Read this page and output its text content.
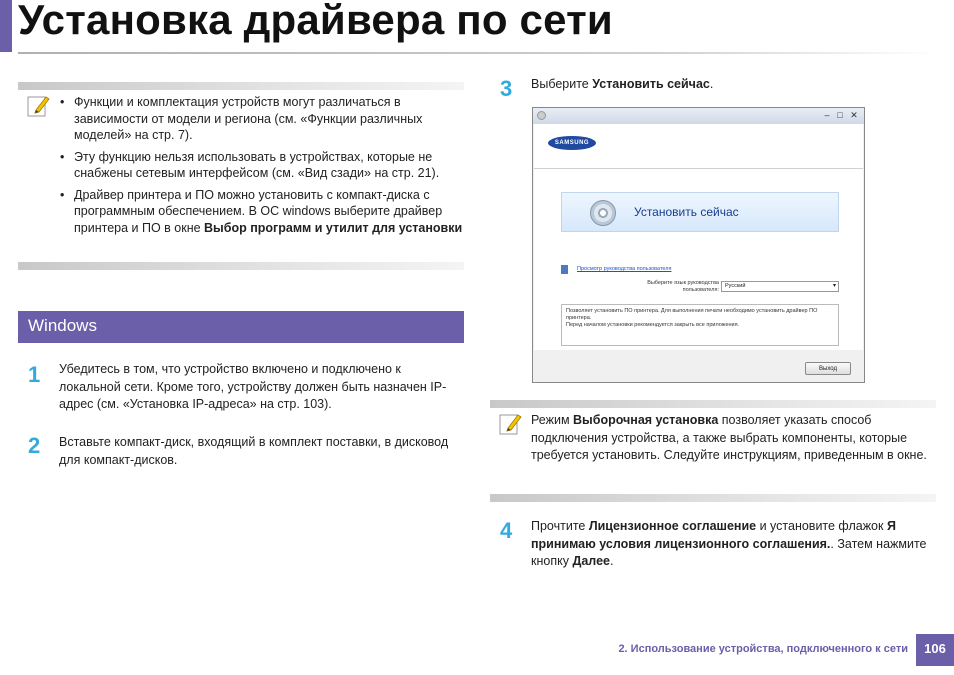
Установка драйвера по сети
• Функции и комплектация устройств могут различаться в зависимости от модели и региона (см. «Функции различных моделей» на стр. 7).
• Эту функцию нельзя использовать в устройствах, которые не снабжены сетевым интерфейсом (см. «Вид сзади» на стр. 21).
• Драйвер принтера и ПО можно установить с компакт-диска с программным обеспечением. В ОС windows выберите драйвер принтера и ПО в окне Выбор программ и утилит для установки
Windows
1 Убедитесь в том, что устройство включено и подключено к локальной сети. Кроме того, устройству должен быть назначен IP-адрес (см. «Установка IP-адреса» на стр. 103).
2 Вставьте компакт-диск, входящий в комплект поставки, в дисковод для компакт-дисков.
3 Выберите Установить сейчас.
– □ ✕
SAMSUNG
Установить сейчас
Просмотр руководства пользователя
Выберите язык руководства пользователя:
Русский	▾
Позволяет установить ПО принтера. Для выполнения печати необходимо установить драйвер ПО принтера.
Перед началом установки рекомендуется закрыть все приложения.
Выход
Режим Выборочная установка позволяет указать способ подключения устройства, а также выбрать компоненты, которые требуется установить. Следуйте инструкциям, приведенным в окне.
4 Прочтите Лицензионное соглашение и установите флажок Я принимаю условия лицензионного соглашения.. Затем нажмите кнопку Далее.
2. Использование устройства, подключенного к сети	106
